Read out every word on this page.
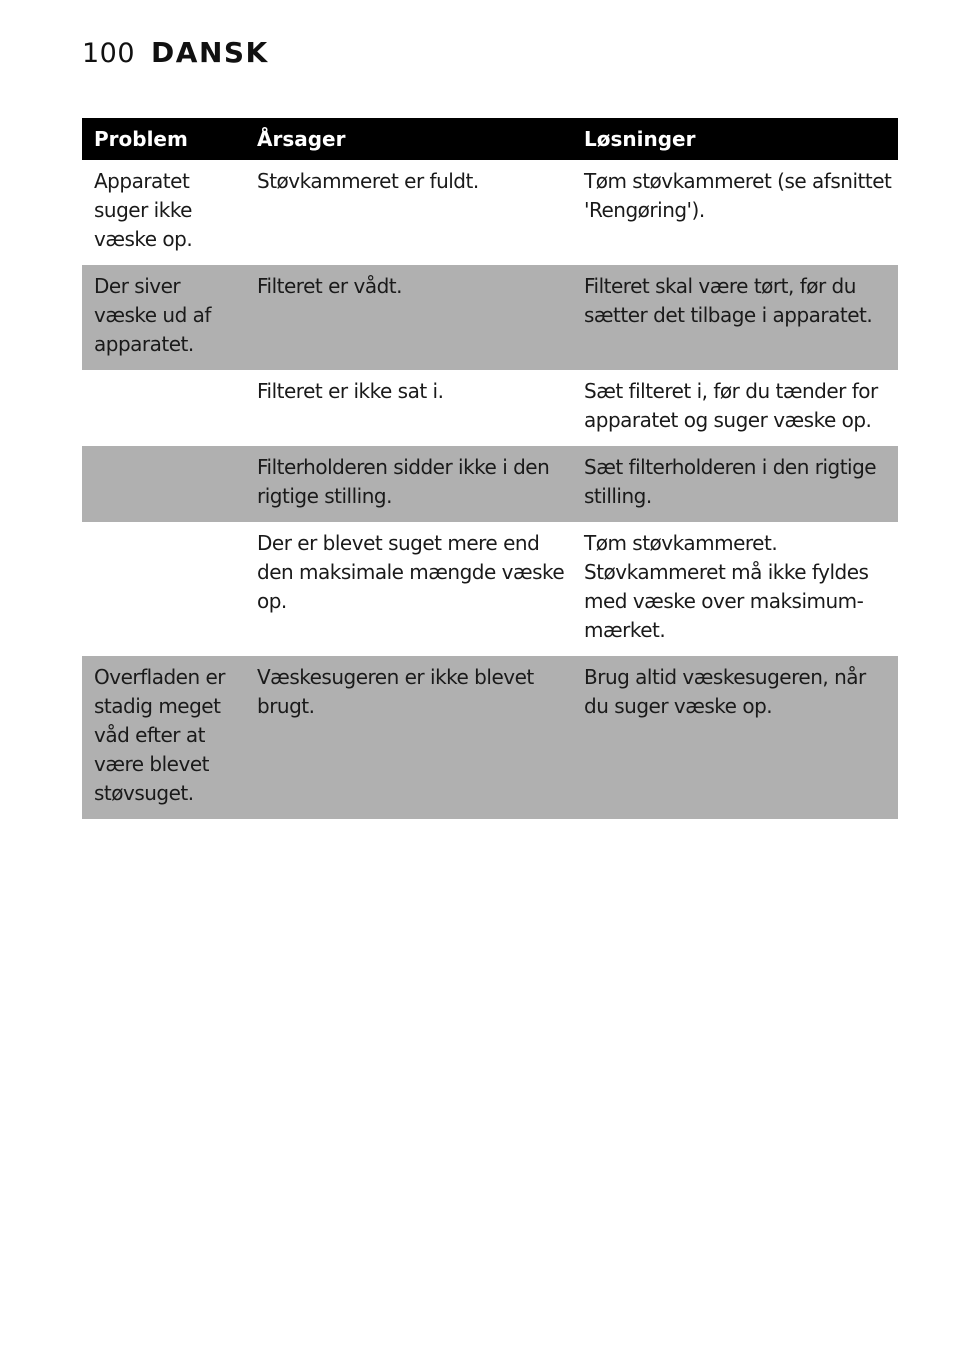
100 DANSK
Problem	Årsager	Løsninger
Apparatet suger ikke væske op.	Støvkammeret er fuldt.	Tøm støvkammeret (se afsnittet 'Rengøring').
Der siver væske ud af apparatet.	Filteret er vådt.	Filteret skal være tørt, før du sætter det tilbage i apparatet.
	Filteret er ikke sat i.	Sæt filteret i, før du tænder for apparatet og suger væske op.
	Filterholderen sidder ikke i den rigtige stilling.	Sæt filterholderen i den rigtige stilling.
	Der er blevet suget mere end den maksimale mængde væske op.	Tøm støvkammeret. Støvkammeret må ikke fyldes med væske over maksimum-mærket.
Overfladen er stadig meget våd efter at være blevet støvsuget.	Væskesugeren er ikke blevet brugt.	Brug altid væskesugeren, når du suger væske op.
